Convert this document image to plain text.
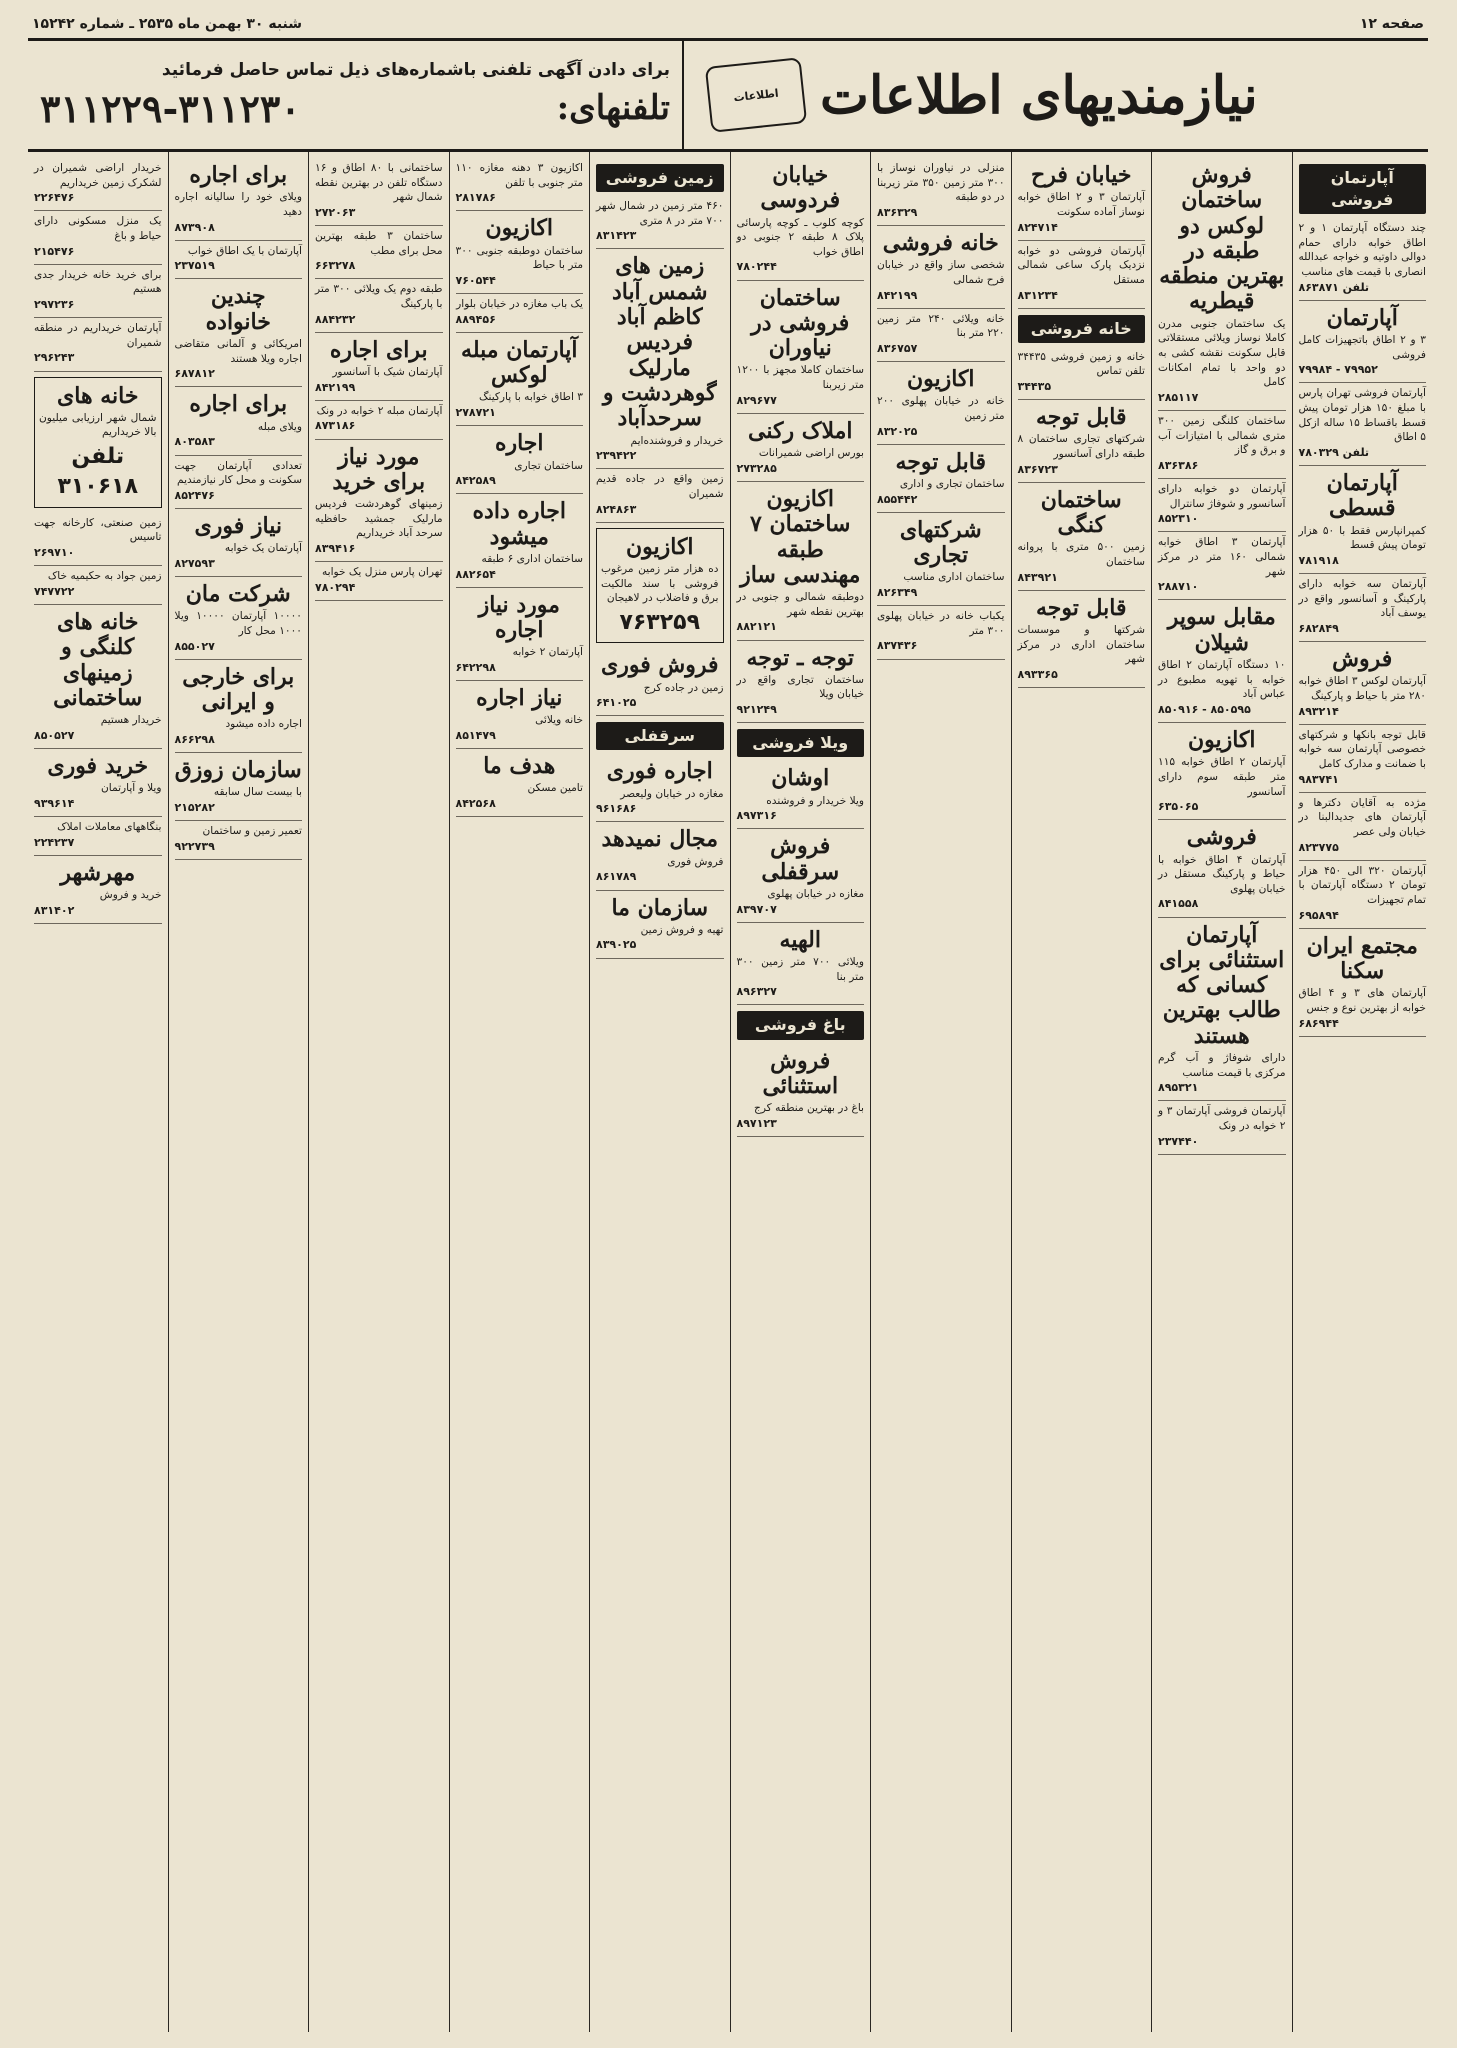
صفحه ۱۲
شنبه ۳۰ بهمن ماه ۲۵۳۵ ـ شماره ۱۵۲۴۲
نیازمندیهای اطلاعات
اطلاعات
برای دادن آگهی تلفنی باشماره‌های ذیل تماس حاصل فرمائید
تلفنهای:
۳۱۱۲۲۹-۳۱۱۲۳۰
آپارتمان فروشی

چند دستگاه آپارتمان ۱ و ۲ اطاق خوابه دارای حمام دوالی داوتیه و خواجه عبدالله انصاری با قیمت های مناسب

تلفن ۸۶۳۸۷۱
آپارتمان

۳ و ۲ اطاق باتجهیزات کامل فروشی

۷۹۹۸۴ - ۷۹۹۵۲

آپارتمان فروشی تهران پارس با مبلغ ۱۵۰ هزار تومان پیش قسط باقساط ۱۵ ساله ازکل ۵ اطاق

تلفن ۷۸۰۳۲۹
آپارتمان قسطی

کمپرانپارس فقط با ۵۰ هزار تومان پیش قسط

۷۸۱۹۱۸

آپارتمان سه خوابه دارای پارکینگ و آسانسور واقع در یوسف آباد

۶۸۲۸۴۹
فروش

آپارتمان لوکس ۳ اطاق خوابه ۲۸۰ متر با حیاط و پارکینگ

۸۹۳۲۱۴

قابل توجه بانکها و شرکتهای خصوصی آپارتمان سه خوابه با ضمانت و مدارک کامل

۹۸۳۷۴۱

مژده به آقایان دکترها و آپارتمان های جدیدالبنا در خیابان ولی عصر

۸۲۳۷۷۵

آپارتمان ۳۲۰ الی ۴۵۰ هزار تومان ۲ دستگاه آپارتمان با تمام تجهیزات

۶۹۵۸۹۴
مجتمع ایران سکنا

آپارتمان های ۳ و ۴ اطاق خوابه از بهترین نوع و جنس

۶۸۶۹۴۴
فروش ساختمان لوکس دو طبقه در بهترین منطقه قیطریه

یک ساختمان جنوبی مدرن کاملا نوساز ویلائی مستقلاتی قابل سکونت نقشه کشی به دو واحد با تمام امکانات کامل

۲۸۵۱۱۷

ساختمان کلنگی زمین ۳۰۰ متری شمالی با امتیازات آب و برق و گاز

۸۳۶۳۸۶

آپارتمان دو خوابه دارای آسانسور و شوفاژ سانترال

۸۵۲۳۱۰

آپارتمان ۳ اطاق خوابه شمالی ۱۶۰ متر در مرکز شهر

۲۸۸۷۱۰
مقابل سوپر شیلان

۱۰ دستگاه آپارتمان ۲ اطاق خوابه با تهویه مطبوع در عباس آباد

۸۵۰۹۱۶ - ۸۵۰۵۹۵
اکازیون

آپارتمان ۲ اطاق خوابه ۱۱۵ متر طبقه سوم دارای آسانسور

۶۳۵۰۶۵
فروشی

آپارتمان ۴ اطاق خوابه با حیاط و پارکینگ مستقل در خیابان پهلوی

۸۴۱۵۵۸
آپارتمان استثنائی برای کسانی که طالب بهترین هستند

دارای شوفاژ و آب گرم مرکزی با قیمت مناسب

۸۹۵۳۲۱

آپارتمان فروشی آپارتمان ۳ و ۲ خوابه در ونک

۲۳۷۴۴۰
خیابان فرح

آپارتمان ۳ و ۲ اطاق خوابه نوساز آماده سکونت

۸۲۴۷۱۴

آپارتمان فروشی دو خوابه نزدیک پارک ساعی شمالی مستقل

۸۳۱۲۳۴
خانه فروشی

خانه و زمین فروشی ۳۴۴۳۵ تلفن تماس

۳۴۴۳۵
قابل توجه

شرکتهای تجاری ساختمان ۸ طبقه دارای آسانسور

۸۳۶۷۲۳
ساختمان کنگی

زمین ۵۰۰ متری با پروانه ساختمان

۸۴۳۹۲۱
قابل توجه

شرکتها و موسسات ساختمان اداری در مرکز شهر

۸۹۳۳۶۵

منزلی در نیاوران نوساز با ۳۰۰ متر زمین ۳۵۰ متر زیربنا در دو طبقه

۸۳۶۳۲۹
خانه فروشی

شخصی ساز واقع در خیابان فرح شمالی

۸۴۲۱۹۹

خانه ویلائی ۲۴۰ متر زمین ۲۲۰ متر بنا

۸۳۶۷۵۷
اکازیون

خانه در خیابان پهلوی ۲۰۰ متر زمین

۸۳۲۰۲۵
قابل توجه

ساختمان تجاری و اداری

۸۵۵۴۴۲
شرکتهای تجاری

ساختمان اداری مناسب

۸۲۶۳۴۹

یکباب خانه در خیابان پهلوی ۳۰۰ متر

۸۳۷۴۳۶
خیابان فردوسی

کوچه کلوب ـ کوچه پارسائی پلاک ۸ طبقه ۲ جنوبی دو اطاق خواب

۷۸۰۲۴۴
ساختمان فروشی در نیاوران

ساختمان کاملا مجهز با ۱۲۰۰ متر زیربنا

۸۲۹۶۷۷
املاک رکنی

بورس اراضی شمیرانات

۲۷۳۲۸۵
اکازیون ساختمان ۷ طبقه مهندسی ساز

دوطبقه شمالی و جنوبی در بهترین نقطه شهر

۸۸۲۱۲۱
توجه ـ توجه

ساختمان تجاری واقع در خیابان ویلا

۹۲۱۲۴۹
ویلا فروشی
اوشان

ویلا خریدار و فروشنده

۸۹۷۳۱۶
فروش سرقفلی

مغازه در خیابان پهلوی

۸۳۹۷۰۷
الهیه

ویلائی ۷۰۰ متر زمین ۳۰۰ متر بنا

۸۹۶۳۲۷
باغ فروشی
فروش استثنائی

باغ در بهترین منطقه کرج

۸۹۷۱۲۳
زمین فروشی

۴۶۰ متر زمین در شمال شهر ۷۰۰ متر در ۸ متری

۸۳۱۴۲۳
زمین های شمس آباد کاظم آباد فردیس مارلیک گوهردشت و سرحدآباد

خریدار و فروشنده‌ایم

۲۳۹۴۲۲

زمین واقع در جاده قدیم شمیران

۸۲۴۸۶۳
اکازیون

ده هزار متر زمین مرغوب فروشی با سند مالکیت برق و فاضلاب در لاهیجان

۷۶۳۲۵۹
فروش فوری

زمین در جاده کرج

۶۴۱۰۲۵
سرقفلی
اجاره فوری

مغازه در خیابان ولیعصر

۹۶۱۶۸۶
مجال نمیدهد

فروش فوری

۸۶۱۷۸۹
سازمان ما

تهیه و فروش زمین

۸۳۹۰۲۵

اکازیون ۳ دهنه مغازه ۱۱۰ متر جنوبی با تلفن

۲۸۱۷۸۶
اکازیون

ساختمان دوطبقه جنوبی ۳۰۰ متر با حیاط

۷۶۰۵۴۴

یک باب مغازه در خیابان بلوار

۸۸۹۴۵۶
آپارتمان مبله لوکس

۳ اطاق خوابه با پارکینگ

۲۷۸۷۲۱
اجاره

ساختمان تجاری

۸۴۲۵۸۹
اجاره داده میشود

ساختمان اداری ۶ طبقه

۸۸۲۶۵۴
مورد نیاز اجاره

آپارتمان ۲ خوابه

۶۴۲۲۹۸
نیاز اجاره

خانه ویلائی

۸۵۱۴۷۹
هدف ما

تامین مسکن

۸۴۲۵۶۸

ساختمانی با ۸۰ اطاق و ۱۶ دستگاه تلفن در بهترین نقطه شمال شهر

۲۷۲۰۶۳

ساختمان ۳ طبقه بهترین محل برای مطب

۶۶۳۲۷۸

طبقه دوم یک ویلائی ۳۰۰ متر با پارکینگ

۸۸۴۲۳۲
برای اجاره

آپارتمان شیک با آسانسور

۸۴۲۱۹۹

آپارتمان مبله ۲ خوابه در ونک

۸۷۳۱۸۶
مورد نیاز برای خرید

زمینهای گوهردشت فردیس مارلیک جمشید حافظیه سرحد آباد خریداریم

۸۳۹۴۱۶

تهران پارس منزل یک خوابه

۷۸۰۲۹۴
برای اجاره

ویلای خود را سالیانه اجاره دهید

۸۷۳۹۰۸

آپارتمان با یک اطاق خواب

۲۳۷۵۱۹
چندین خانواده

امریکائی و آلمانی متقاضی اجاره ویلا هستند

۶۸۷۸۱۲
برای اجاره

ویلای مبله

۸۰۳۵۸۳

تعدادی آپارتمان جهت سکونت و محل کار نیازمندیم

۸۵۲۴۷۶
نیاز فوری

آپارتمان یک خوابه

۸۲۷۵۹۳
شرکت مان

۱۰۰۰۰ آپارتمان ۱۰۰۰۰ ویلا ۱۰۰۰ محل کار

۸۵۵۰۲۷
برای خارجی و ایرانی

اجاره داده میشود

۸۶۶۲۹۸
سازمان زوزق

با بیست سال سابقه

۲۱۵۲۸۲

تعمیر زمین و ساختمان

۹۲۲۷۳۹

خریدار اراضی شمیران در لشکرک زمین خریداریم

۲۲۶۴۷۶

یک منزل مسکونی دارای حیاط و باغ

۲۱۵۴۷۶

برای خرید خانه خریدار جدی هستیم

۲۹۷۲۳۶

آپارتمان خریداریم در منطقه شمیران

۲۹۶۲۴۳
خانه های

شمال شهر ارزیابی میلیون بالا خریداریم

تلفن ۳۱۰۶۱۸

زمین صنعتی، کارخانه جهت تاسیس

۲۶۹۷۱۰

زمین جواد به حکیمیه خاک

۷۴۷۷۲۲
خانه های کلنگی و زمینهای ساختمانی

خریدار هستیم

۸۵۰۵۲۷
خرید فوری

ویلا و آپارتمان

۹۳۹۶۱۴

بنگاههای معاملات املاک

۲۲۴۲۳۷
مهرشهر

خرید و فروش

۸۳۱۴۰۲
